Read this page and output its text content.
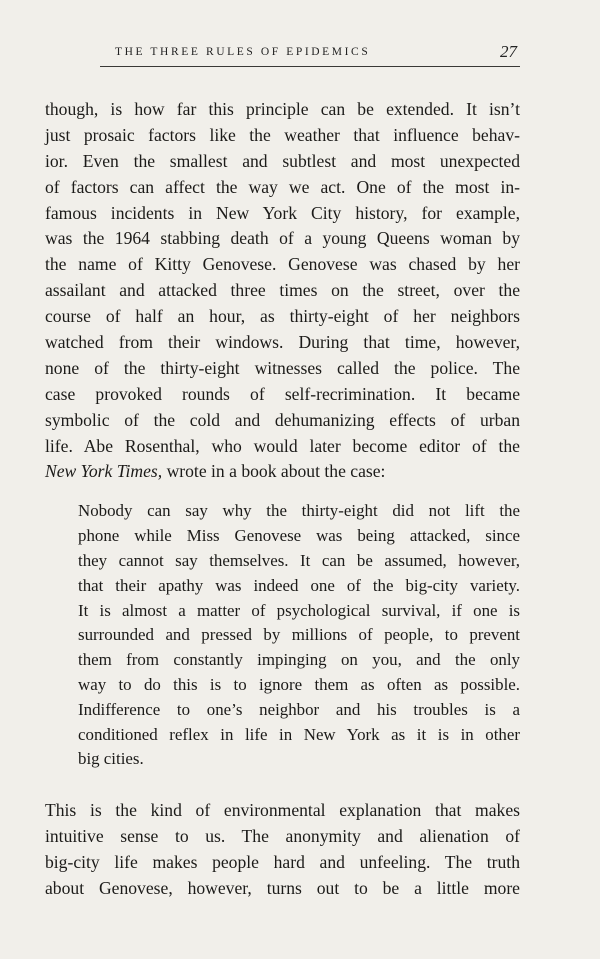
THE THREE RULES OF EPIDEMICS	27
though, is how far this principle can be extended. It isn’t
just prosaic factors like the weather that influence behav-
ior. Even the smallest and subtlest and most unexpected
of factors can affect the way we act. One of the most in-
famous incidents in New York City history, for example,
was the 1964 stabbing death of a young Queens woman by
the name of Kitty Genovese. Genovese was chased by her
assailant and attacked three times on the street, over the
course of half an hour, as thirty-eight of her neighbors
watched from their windows. During that time, however,
none of the thirty-eight witnesses called the police. The
case provoked rounds of self-recrimination. It became
symbolic of the cold and dehumanizing effects of urban
life. Abe Rosenthal, who would later become editor of the
New York Times, wrote in a book about the case:
Nobody can say why the thirty-eight did not lift the
phone while Miss Genovese was being attacked, since
they cannot say themselves. It can be assumed, however,
that their apathy was indeed one of the big-city variety.
It is almost a matter of psychological survival, if one is
surrounded and pressed by millions of people, to prevent
them from constantly impinging on you, and the only
way to do this is to ignore them as often as possible.
Indifference to one’s neighbor and his troubles is a
conditioned reflex in life in New York as it is in other
big cities.
This is the kind of environmental explanation that makes
intuitive sense to us. The anonymity and alienation of
big-city life makes people hard and unfeeling. The truth
about Genovese, however, turns out to be a little more
